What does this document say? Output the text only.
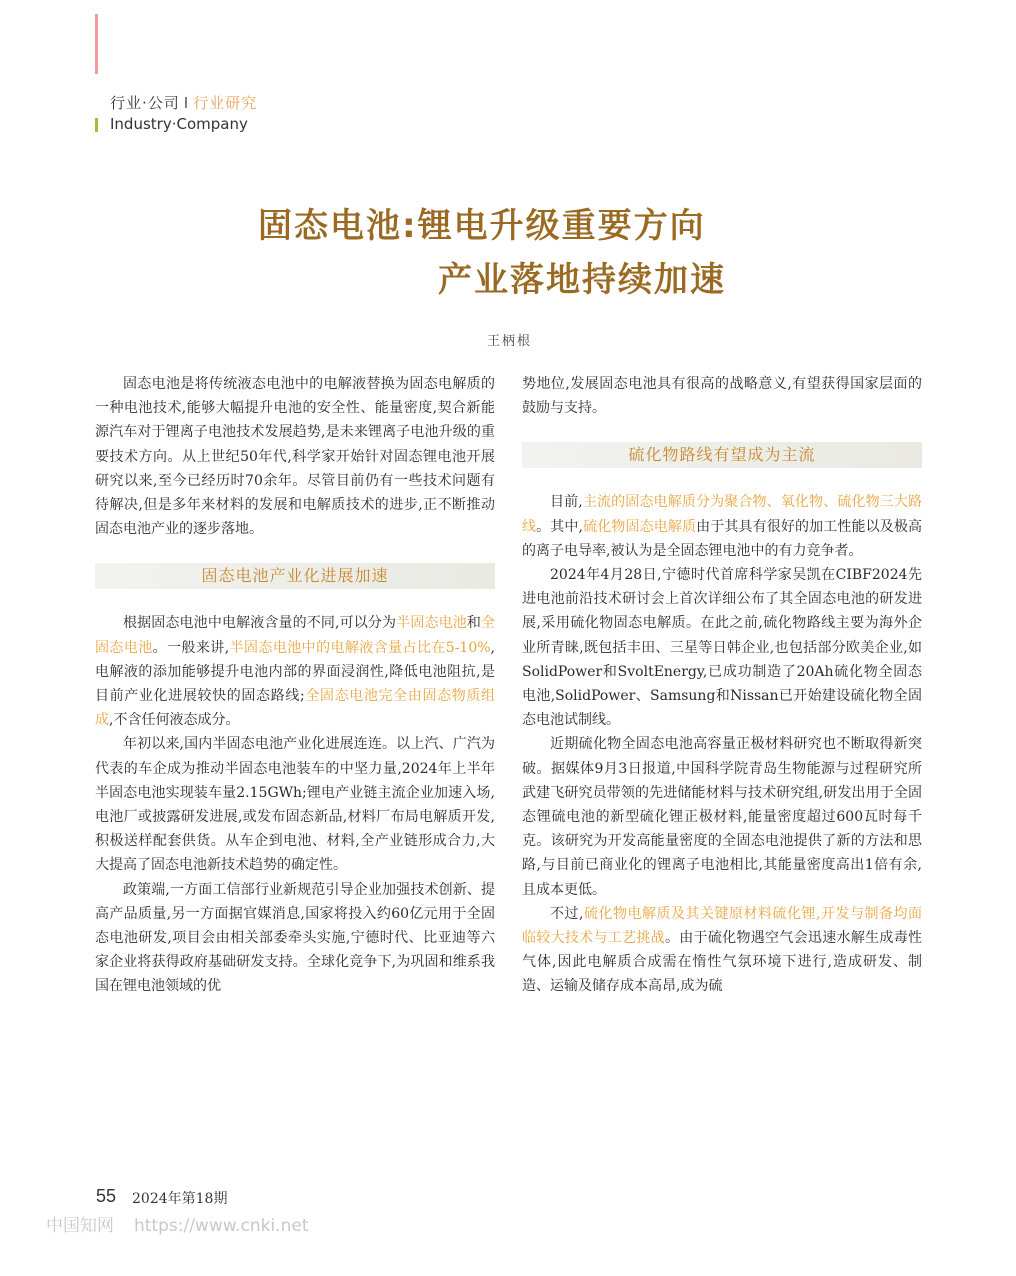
行业·公司 I 行业研究
Industry·Company
固态电池:锂电升级重要方向
产业落地持续加速
王柄根

固态电池是将传统液态电池中的电解液替换为固态电解质的一种电池技术,能够大幅提升电池的安全性、能量密度,契合新能源汽车对于锂离子电池技术发展趋势,是未来锂离子电池升级的重要技术方向。从上世纪50年代,科学家开始针对固态锂电池开展研究以来,至今已经历时70余年。尽管目前仍有一些技术问题有待解决,但是多年来材料的发展和电解质技术的进步,正不断推动固态电池产业的逐步落地。

固态电池产业化进展加速

根据固态电池中电解液含量的不同,可以分为半固态电池和全固态电池。一般来讲,半固态电池中的电解液含量占比在5-10%,电解液的添加能够提升电池内部的界面浸润性,降低电池阻抗,是目前产业化进展较快的固态路线;全固态电池完全由固态物质组成,不含任何液态成分。

年初以来,国内半固态电池产业化进展连连。以上汽、广汽为代表的车企成为推动半固态电池装车的中坚力量,2024年上半年半固态电池实现装车量2.15GWh;锂电产业链主流企业加速入场,电池厂或披露研发进展,或发布固态新品,材料厂布局电解质开发,积极送样配套供货。从车企到电池、材料,全产业链形成合力,大大提高了固态电池新技术趋势的确定性。

政策端,一方面工信部行业新规范引导企业加强技术创新、提高产品质量,另一方面据官媒消息,国家将投入约60亿元用于全固态电池研发,项目会由相关部委牵头实施,宁德时代、比亚迪等六家企业将获得政府基础研发支持。全球化竞争下,为巩固和维系我国在锂电池领域的优

势地位,发展固态电池具有很高的战略意义,有望获得国家层面的鼓励与支持。

硫化物路线有望成为主流

目前,主流的固态电解质分为聚合物、氧化物、硫化物三大路线。其中,硫化物固态电解质由于其具有很好的加工性能以及极高的离子电导率,被认为是全固态锂电池中的有力竞争者。

2024年4月28日,宁德时代首席科学家吴凯在CIBF2024先进电池前沿技术研讨会上首次详细公布了其全固态电池的研发进展,采用硫化物固态电解质。在此之前,硫化物路线主要为海外企业所青睐,既包括丰田、三星等日韩企业,也包括部分欧美企业,如SolidPower和SvoltEnergy,已成功制造了20Ah硫化物全固态电池,SolidPower、Samsung和Nissan已开始建设硫化物全固态电池试制线。

近期硫化物全固态电池高容量正极材料研究也不断取得新突破。据媒体9月3日报道,中国科学院青岛生物能源与过程研究所武建飞研究员带领的先进储能材料与技术研究组,研发出用于全固态锂硫电池的新型硫化锂正极材料,能量密度超过600瓦时每千克。该研究为开发高能量密度的全固态电池提供了新的方法和思路,与目前已商业化的锂离子电池相比,其能量密度高出1倍有余,且成本更低。

不过,硫化物电解质及其关键原材料硫化锂,开发与制备均面临较大技术与工艺挑战。由于硫化物遇空气会迅速水解生成毒性气体,因此电解质合成需在惰性气氛环境下进行,造成研发、制造、运输及储存成本高昂,成为硫

55 2024年第18期
中国知网 https://www.cnki.net
